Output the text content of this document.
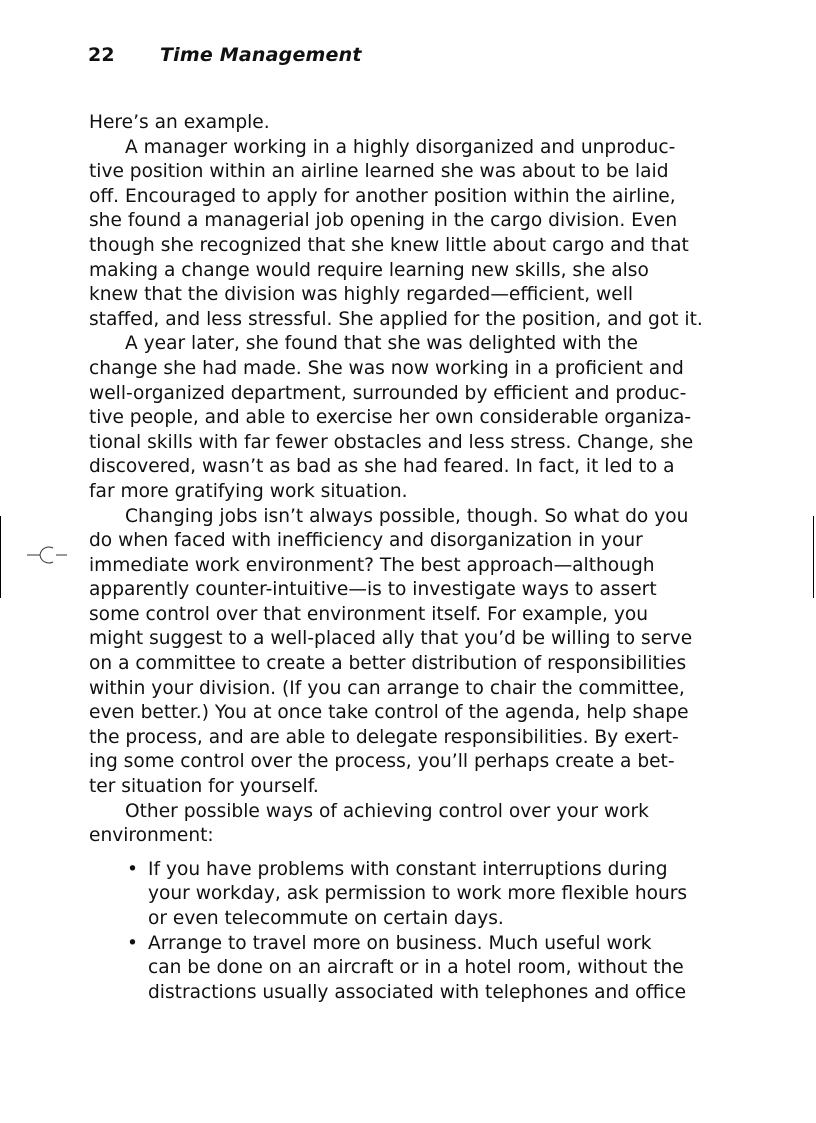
22 Time Management

Here’s an example.

A manager working in a highly disorganized and unproduc-
tive position within an airline learned she was about to be laid
off. Encouraged to apply for another position within the airline,
she found a managerial job opening in the cargo division. Even
though she recognized that she knew little about cargo and that
making a change would require learning new skills, she also
knew that the division was highly regarded—efficient, well
staffed, and less stressful. She applied for the position, and got it.

A year later, she found that she was delighted with the
change she had made. She was now working in a proficient and
well-organized department, surrounded by efficient and produc-
tive people, and able to exercise her own considerable organiza-
tional skills with far fewer obstacles and less stress. Change, she
discovered, wasn’t as bad as she had feared. In fact, it led to a
far more gratifying work situation.

Changing jobs isn’t always possible, though. So what do you
do when faced with inefficiency and disorganization in your
immediate work environment? The best approach—although
apparently counter-intuitive—is to investigate ways to assert
some control over that environment itself. For example, you
might suggest to a well-placed ally that you’d be willing to serve
on a committee to create a better distribution of responsibilities
within your division. (If you can arrange to chair the committee,
even better.) You at once take control of the agenda, help shape
the process, and are able to delegate responsibilities. By exert-
ing some control over the process, you’ll perhaps create a bet-
ter situation for yourself.

Other possible ways of achieving control over your work
environment:

• If you have problems with constant interruptions during
your workday, ask permission to work more flexible hours
or even telecommute on certain days.
• Arrange to travel more on business. Much useful work
can be done on an aircraft or in a hotel room, without the
distractions usually associated with telephones and office
